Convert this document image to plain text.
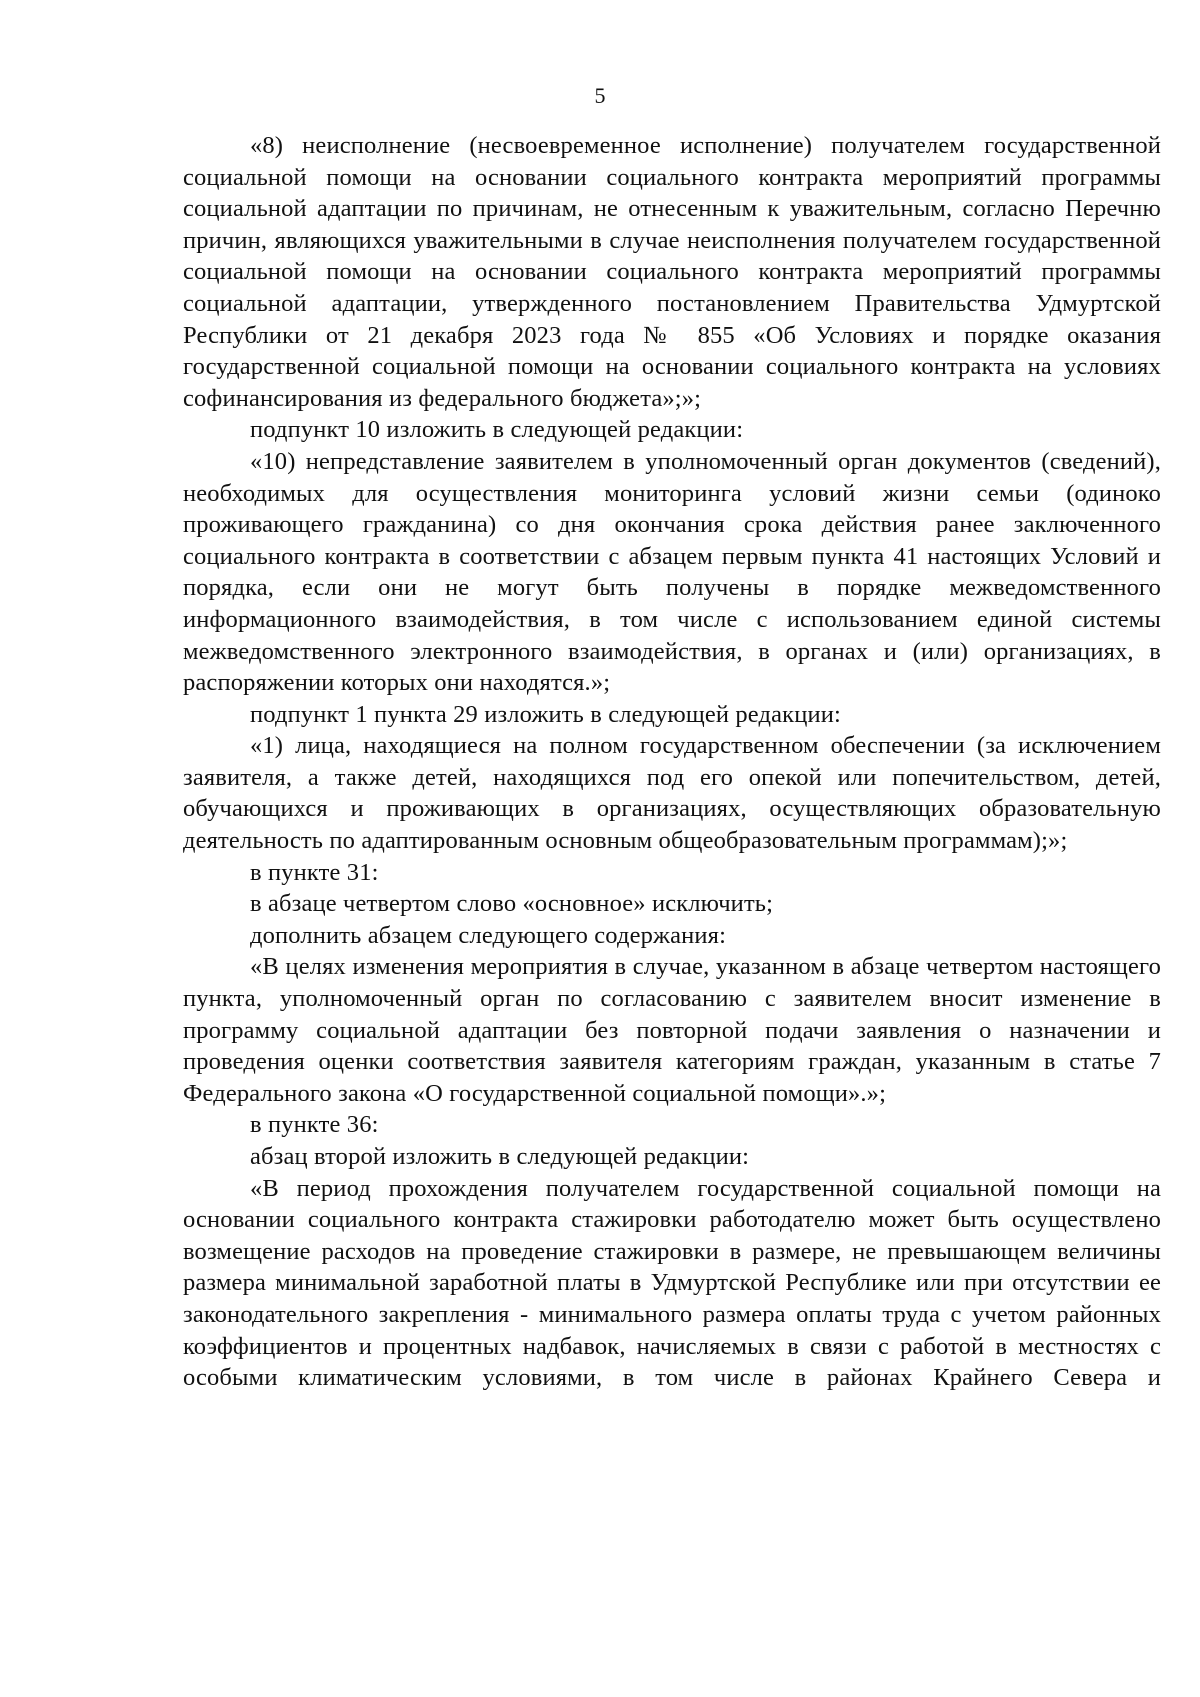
5

«8) неисполнение (несвоевременное исполнение) получателем государственной социальной помощи на основании социального контракта мероприятий программы социальной адаптации по причинам, не отнесенным к уважительным, согласно Перечню причин, являющихся уважительными в случае неисполнения получателем государственной социальной помощи на основании социального контракта мероприятий программы социальной адаптации, утвержденного постановлением Правительства Удмуртской Республики от 21 декабря 2023 года № 855 «Об Условиях и порядке оказания государственной социальной помощи на основании социального контракта на условиях софинансирования из федерального бюджета»;»;

подпункт 10 изложить в следующей редакции:

«10) непредставление заявителем в уполномоченный орган документов (сведений), необходимых для осуществления мониторинга условий жизни семьи (одиноко проживающего гражданина) со дня окончания срока действия ранее заключенного социального контракта в соответствии с абзацем первым пункта 41 настоящих Условий и порядка, если они не могут быть получены в порядке межведомственного информационного взаимодействия, в том числе с использованием единой системы межведомственного электронного взаимодействия, в органах и (или) организациях, в распоряжении которых они находятся.»;

подпункт 1 пункта 29 изложить в следующей редакции:

«1) лица, находящиеся на полном государственном обеспечении (за исключением заявителя, а также детей, находящихся под его опекой или попечительством, детей, обучающихся и проживающих в организациях, осуществляющих образовательную деятельность по адаптированным основным общеобразовательным программам);»;

в пункте 31:

в абзаце четвертом слово «основное» исключить;

дополнить абзацем следующего содержания:

«В целях изменения мероприятия в случае, указанном в абзаце четвертом настоящего пункта, уполномоченный орган по согласованию с заявителем вносит изменение в программу социальной адаптации без повторной подачи заявления о назначении и проведения оценки соответствия заявителя категориям граждан, указанным в статье 7 Федерального закона «О государственной социальной помощи».»;

в пункте 36:

абзац второй изложить в следующей редакции:

«В период прохождения получателем государственной социальной помощи на основании социального контракта стажировки работодателю может быть осуществлено возмещение расходов на проведение стажировки в размере, не превышающем величины размера минимальной заработной платы в Удмуртской Республике или при отсутствии ее законодательного закрепления - минимального размера оплаты труда с учетом районных коэффициентов и процентных надбавок, начисляемых в связи с работой в местностях с особыми климатическим условиями, в том числе в районах Крайнего Севера и
